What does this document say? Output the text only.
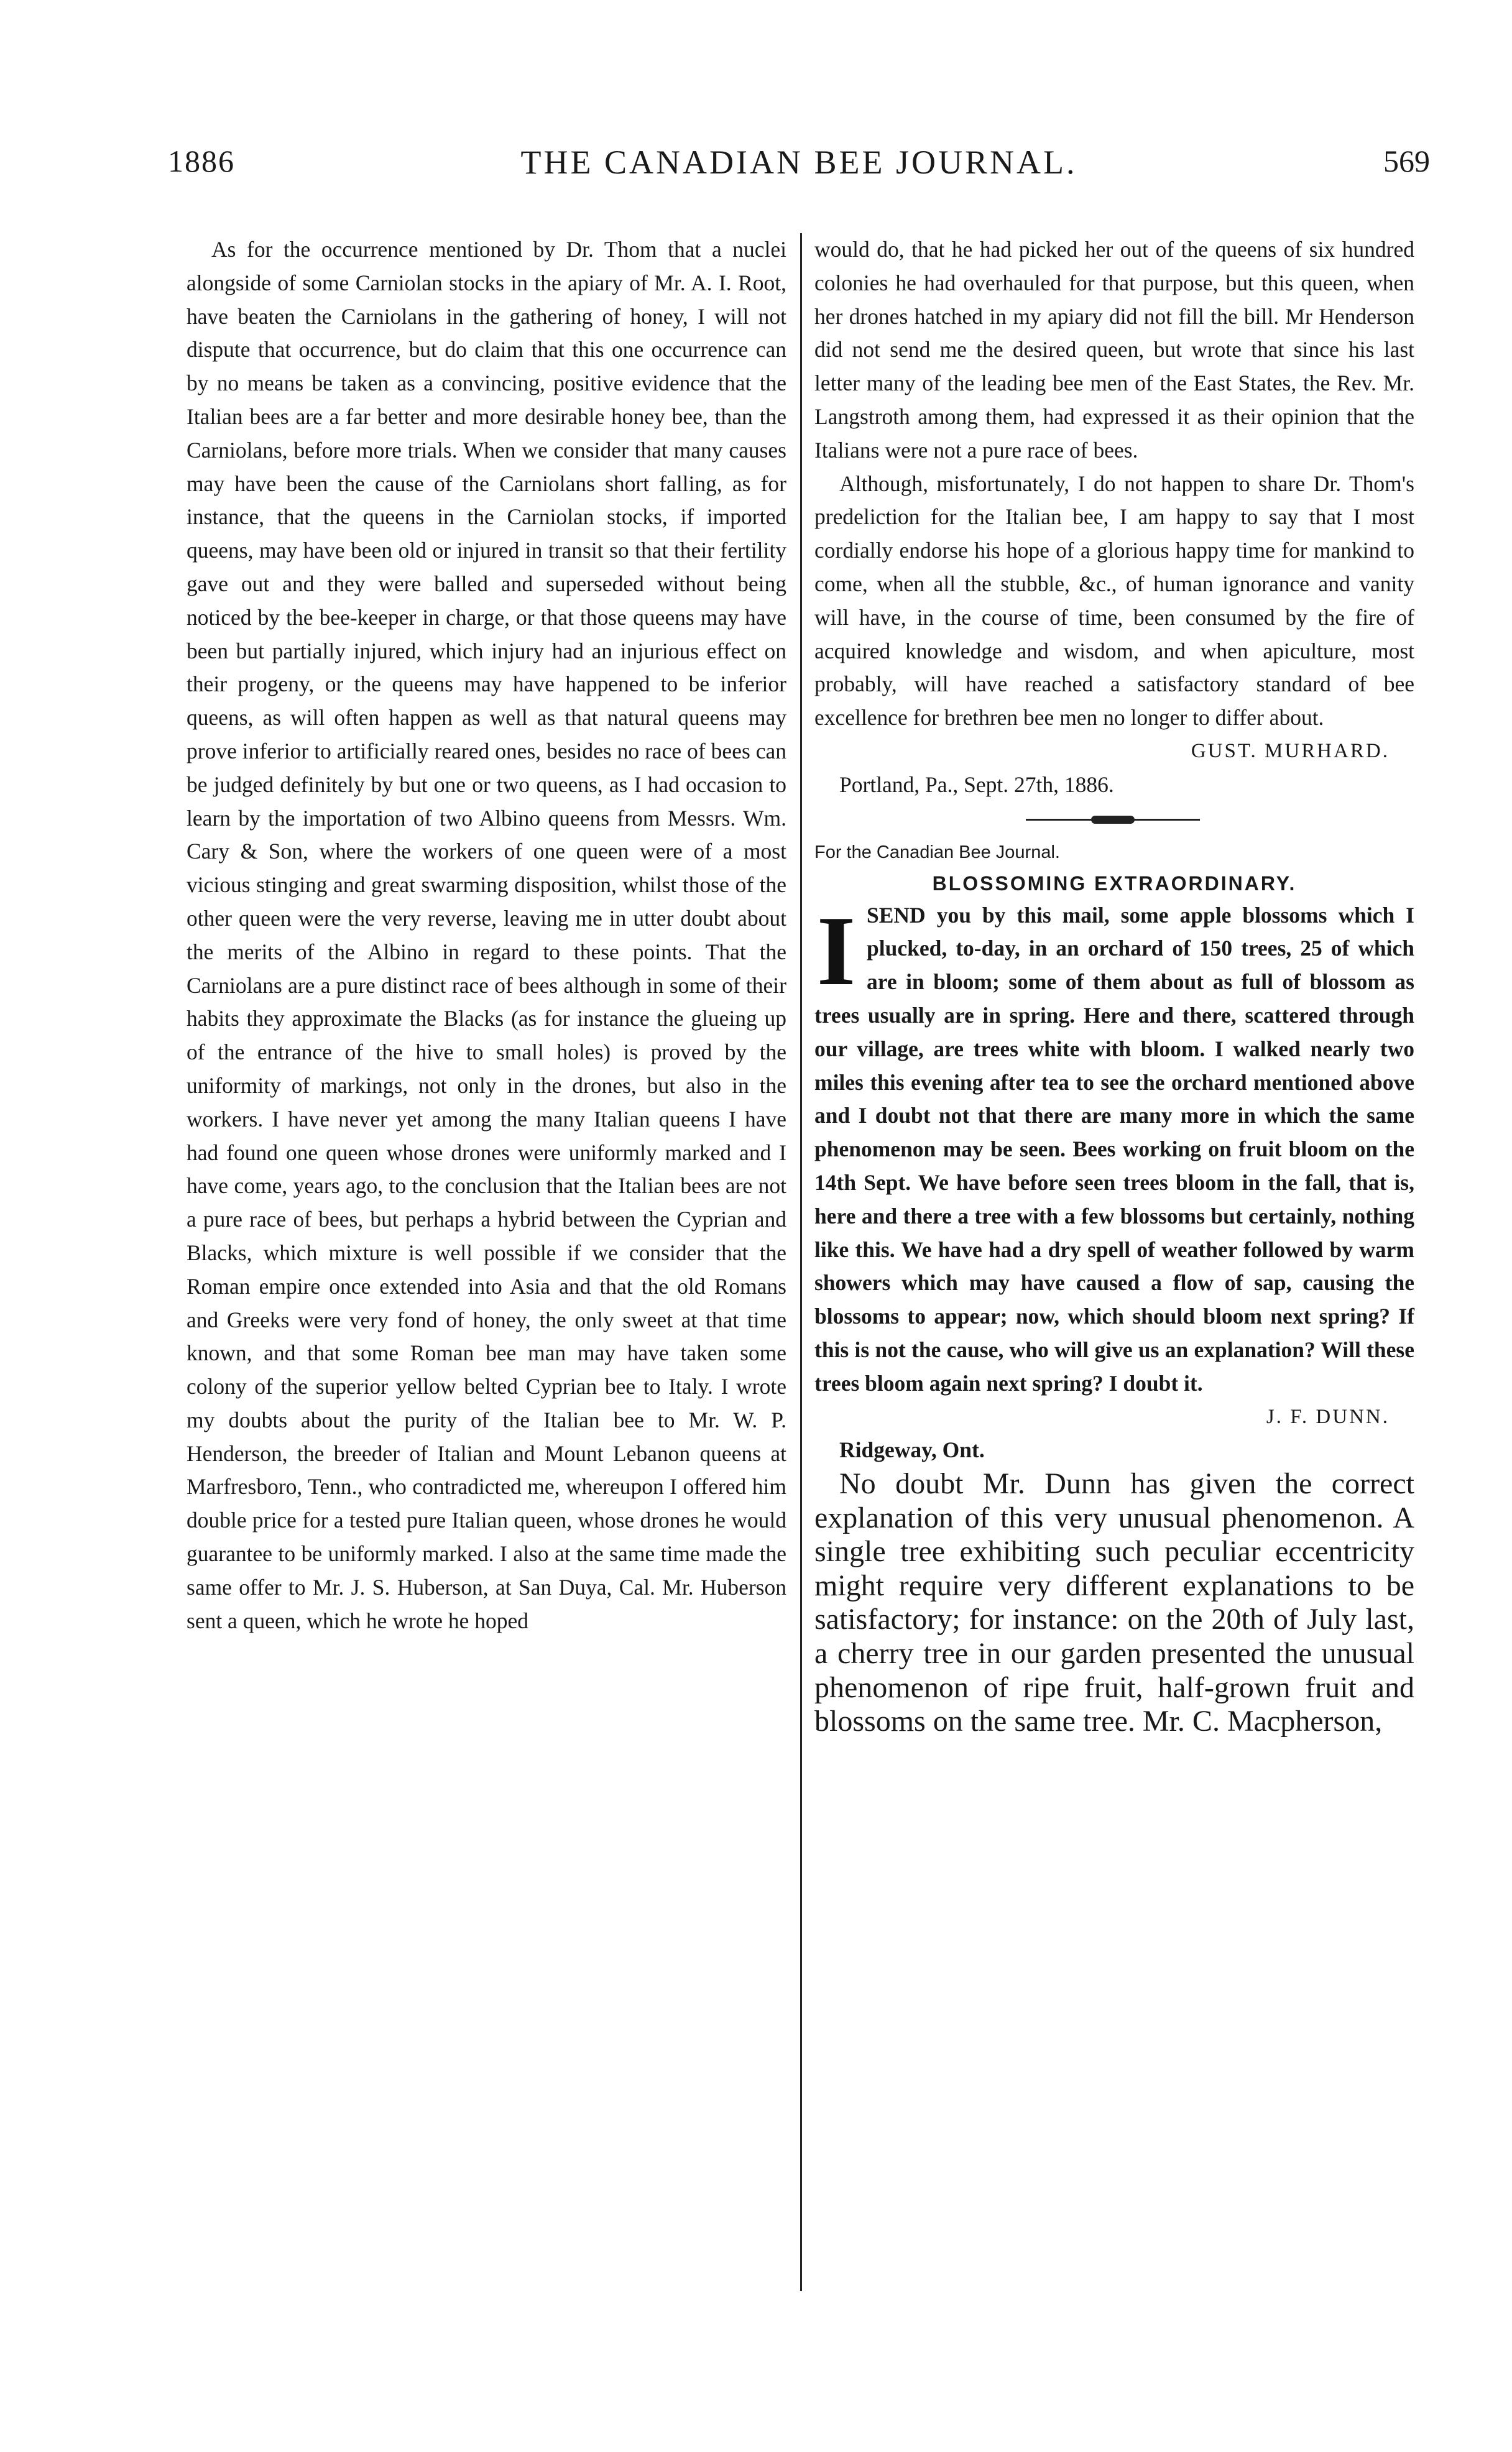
1886	THE CANADIAN BEE JOURNAL.	569

As for the occurrence mentioned by Dr. Thom that a nuclei alongside of some Carniolan stocks in the apiary of Mr. A. I. Root, have beaten the Carniolans in the gathering of honey, I will not dispute that occurrence, but do claim that this one occurrence can by no means be taken as a convincing, positive evidence that the Italian bees are a far better and more desirable honey bee, than the Carniolans, before more trials. When we consider that many causes may have been the cause of the Carniolans short falling, as for instance, that the queens in the Carniolan stocks, if imported queens, may have been old or injured in transit so that their fertility gave out and they were balled and superseded without being noticed by the bee-keeper in charge, or that those queens may have been but partially injured, which injury had an injurious effect on their progeny, or the queens may have happened to be inferior queens, as will often happen as well as that natural queens may prove inferior to artificially reared ones, besides no race of bees can be judged definitely by but one or two queens, as I had occasion to learn by the importation of two Albino queens from Messrs. Wm. Cary & Son, where the workers of one queen were of a most vicious stinging and great swarming disposition, whilst those of the other queen were the very reverse, leaving me in utter doubt about the merits of the Albino in regard to these points. That the Carniolans are a pure distinct race of bees although in some of their habits they approximate the Blacks (as for instance the glueing up of the entrance of the hive to small holes) is proved by the uniformity of markings, not only in the drones, but also in the workers. I have never yet among the many Italian queens I have had found one queen whose drones were uniformly marked and I have come, years ago, to the conclusion that the Italian bees are not a pure race of bees, but perhaps a hybrid between the Cyprian and Blacks, which mixture is well possible if we consider that the Roman empire once extended into Asia and that the old Romans and Greeks were very fond of honey, the only sweet at that time known, and that some Roman bee man may have taken some colony of the superior yellow belted Cyprian bee to Italy. I wrote my doubts about the purity of the Italian bee to Mr. W. P. Henderson, the breeder of Italian and Mount Lebanon queens at Marfresboro, Tenn., who contradicted me, whereupon I offered him double price for a tested pure Italian queen, whose drones he would guarantee to be uniformly marked. I also at the same time made the same offer to Mr. J. S. Huberson, at San Duya, Cal. Mr. Huberson sent a queen, which he wrote he hoped

would do, that he had picked her out of the queens of six hundred colonies he had overhauled for that purpose, but this queen, when her drones hatched in my apiary did not fill the bill. Mr Henderson did not send me the desired queen, but wrote that since his last letter many of the leading bee men of the East States, the Rev. Mr. Langstroth among them, had expressed it as their opinion that the Italians were not a pure race of bees.

Although, misfortunately, I do not happen to share Dr. Thom's predeliction for the Italian bee, I am happy to say that I most cordially endorse his hope of a glorious happy time for mankind to come, when all the stubble, &c., of human ignorance and vanity will have, in the course of time, been consumed by the fire of acquired knowledge and wisdom, and when apiculture, most probably, will have reached a satisfactory standard of bee excellence for brethren bee men no longer to differ about.

GUST. MURHARD.

Portland, Pa., Sept. 27th, 1886.

For the Canadian Bee Journal.

BLOSSOMING EXTRAORDINARY.

I SEND you by this mail, some apple blossoms which I plucked, to-day, in an orchard of 150 trees, 25 of which are in bloom; some of them about as full of blossom as trees usually are in spring. Here and there, scattered through our village, are trees white with bloom. I walked nearly two miles this evening after tea to see the orchard mentioned above and I doubt not that there are many more in which the same phenomenon may be seen. Bees working on fruit bloom on the 14th Sept. We have before seen trees bloom in the fall, that is, here and there a tree with a few blossoms but certainly, nothing like this. We have had a dry spell of weather followed by warm showers which may have caused a flow of sap, causing the blossoms to appear; now, which should bloom next spring? If this is not the cause, who will give us an explanation? Will these trees bloom again next spring? I doubt it.

J. F. DUNN.

Ridgeway, Ont.

No doubt Mr. Dunn has given the correct explanation of this very unusual phenomenon. A single tree exhibiting such peculiar eccentricity might require very different explanations to be satisfactory; for instance: on the 20th of July last, a cherry tree in our garden presented the unusual phenomenon of ripe fruit, half-grown fruit and blossoms on the same tree. Mr. C. Macpherson,
